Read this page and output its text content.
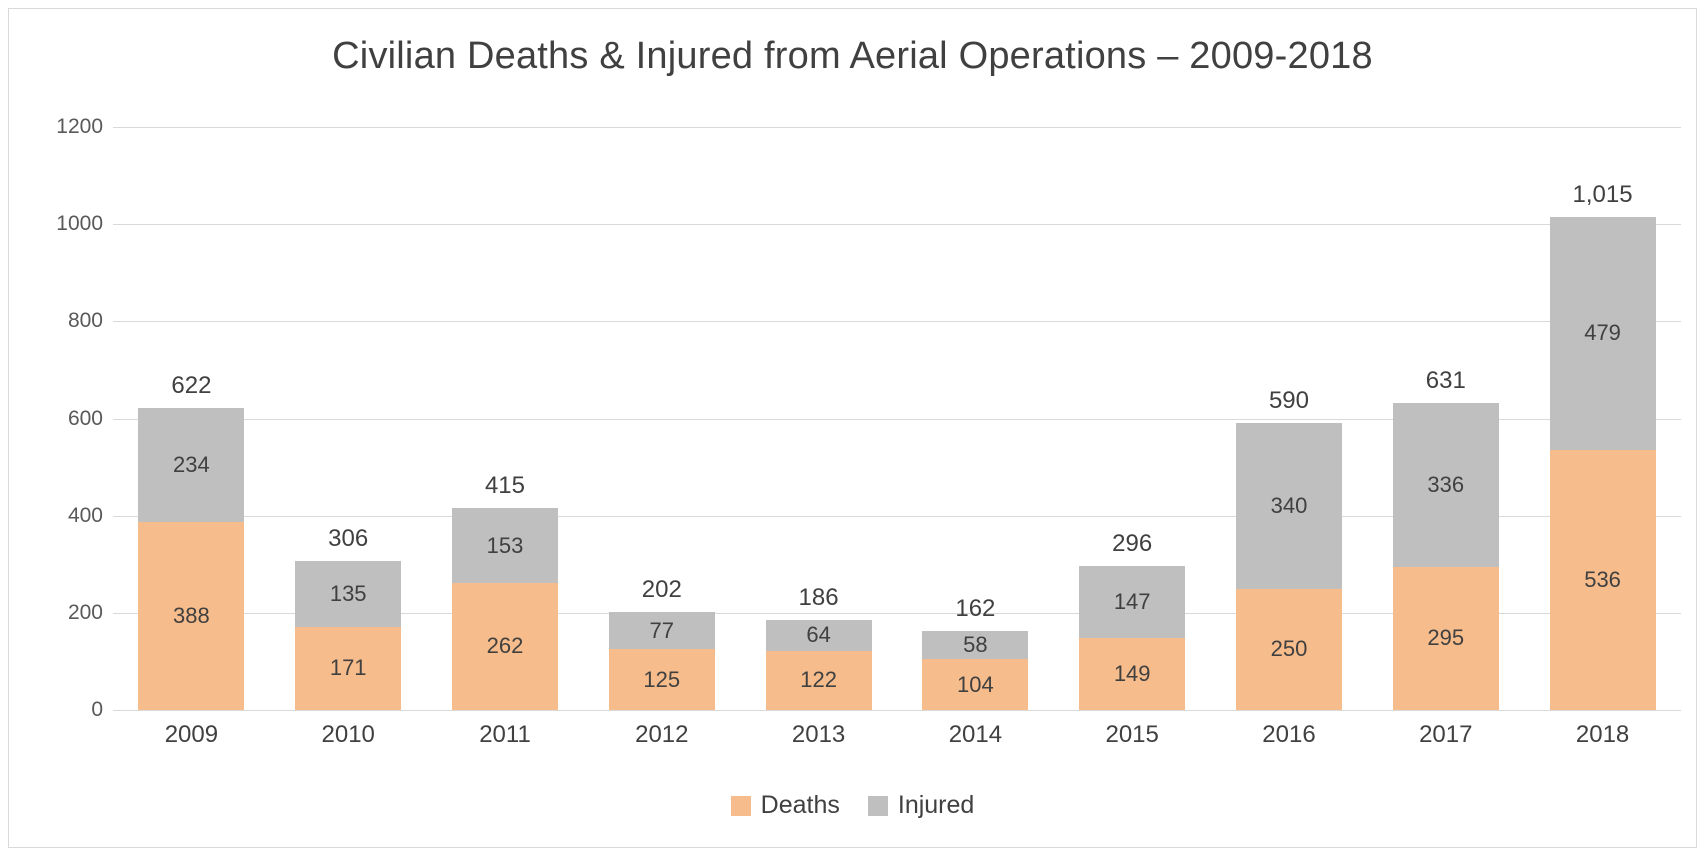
Civilian Deaths & Injured from Aerial Operations – 2009-2018
0
200
400
600
800
1000
1200
234
388
622
135
171
306	153
262
415
77
125
202
64
122
186
58
104
162	147
149
296
340
250
590
336
295
631
479
536
1,015
2009	2010	2011	2012	2013	2014	2015	2016	2017	2018
Deaths Injured
